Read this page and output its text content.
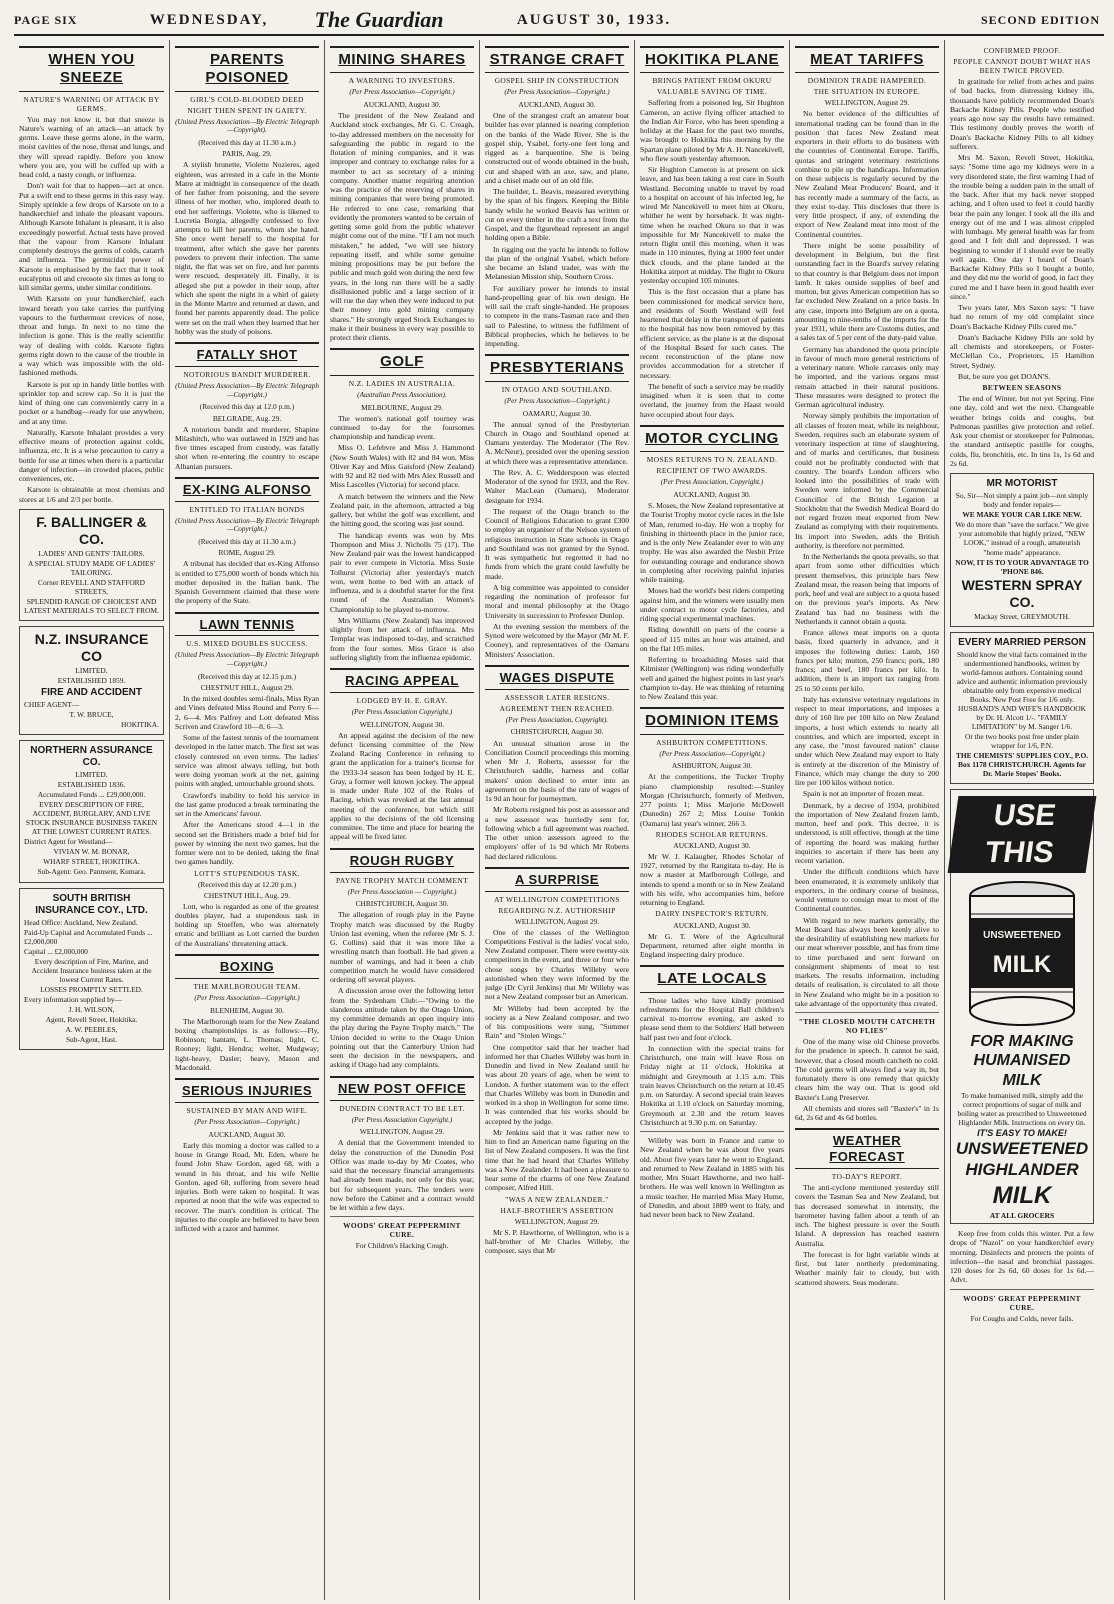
PAGE SIX	WEDNESDAY,	The Guardian	AUGUST 30, 1933.	SECOND EDITION
WHEN YOU SNEEZE
NATURE'S WARNING OF ATTACK BY GERMS.

You may not know it, but that sneeze is Nature's warning of an attack—an attack by germs. Leave these germs alone, in the warm, moist cavities of the nose, throat and lungs, and they will spread rapidly. Before you know where you are, you will be cuffed up with a head cold, a nasty cough, or influenza.

Don't wait for that to happen—act at once. Put a swift end to these germs in this easy way. Simply sprinkle a few drops of Karsote on to a handkerchief and inhale the pleasant vapours. Although Karsote Inhalant is pleasant, it is also exceedingly powerful. Actual tests have proved that the vapour from Karsote Inhalant completely destroys the germs of colds, catarrh and influenza. The germicidal power of Karsote is emphasised by the fact that it took eucalyptus oil and creosote six times as long to kill similar germs, under similar conditions.

With Karsote on your handkerchief, each inward breath you take carries the purifying vapours to the furthermost crevices of nose, throat and lungs. In next to no time the infection is gone. This is the really scientific way of dealing with colds. Karsote fights germs right down to the cause of the trouble in a way which was impossible with the old-fashioned methods.

Karsote is put up in handy little bottles with sprinkler top and screw cap. So it is just the kind of thing one can conveniently carry in a pocket or a handbag—ready for use anywhere, and at any time.

Naturally, Karsote Inhalant provides a very effective means of protection against colds, influenza, etc. It is a wise precaution to carry a bottle for use at times when there is a particular danger of infection—in crowded places, public conveniences, etc.

Karsote is obtainable at most chemists and stores at 1/6 and 2/3 per bottle.

F. BALLINGER & CO.
LADIES' AND GENTS' TAILORS.
A SPECIAL STUDY MADE OF LADIES' TAILORING.
Corner REVELL AND STAFFORD STREETS,
SPLENDID RANGE OF CHOICEST AND LATEST MATERIALS TO SELECT FROM.
N.Z. INSURANCE CO
LIMITED.
ESTABLISHED 1859.
FIRE AND ACCIDENT
CHIEF AGENT—
T. W. BRUCE,
HOKITIKA.
NORTHERN ASSURANCE CO.
LIMITED.
ESTABLISHED 1836.
Accumulated Funds ... £29,000,000.
EVERY DESCRIPTION OF FIRE, ACCIDENT, BURGLARY, AND LIVE STOCK INSURANCE BUSINESS TAKEN AT THE LOWEST CURRENT RATES.
District Agent for Westland—
VIVIAN W. M. BONAR,
WHARF STREET, HOKITIKA.
Sub-Agent: Geo. Pannsent, Kumara.
SOUTH BRITISH INSURANCE COY., LTD.
Head Office: Auckland, New Zealand.
Paid-Up Capital and Accumulated Funds ... £2,000,000
Capital ... £2,000,000
Every description of Fire, Marine, and Accident Insurance business taken at the lowest Current Rates.
LOSSES PROMPTLY SETTLED.
Every information supplied by—
J. H. WILSON,
Agent, Revell Street, Hokitika.
A. W. PEEBLES,
Sub-Agent, Hast.
PARENTS POISONED
GIRL'S COLD-BLOODED DEED
NIGHT THEN SPENT IN GAIETY.
(United Press Association—By Electric Telegraph—Copyright).
(Received this day at 11.30 a.m.)
PARIS, Aug. 29.

A stylish brunette, Violette Nozieres, aged eighteen, was arrested in a cafe in the Monte Matre at midnight in consequence of the death of her father from poisoning, and the severe illness of her mother, who, implored death to end her sufferings. Violette, who is likened to Lucretia Borgia, allegedly confessed to five attempts to kill her parents, whom she hated. She once went herself to the hospital for treatment, after which she gave her parents powders to prevent their infection. The same night, the flat was set on fire, and her parents were rescued, desperately ill. Finally, it is alleged she put a powder in their soup, after which she spent the night in a whirl of gaiety in the Monte Martre and returned at dawn, and found her parents apparently dead. The police were set on the trail when they learned that her hobby was the study of poisons.

FATALLY SHOT
NOTORIOUS BANDIT MURDERER.
(United Press Association—By Electric Telegraph—Copyright.)
(Received this day at 12.0 p.m.)
BELGRADE, Aug. 29.

A notorious bandit and murderer, Shapine Milashitch, who was outlawed in 1929 and has five times escaped from custody, was fatally shot when re-entering the country to escape Albanian pursuers.

EX-KING ALFONSO
ENTITLED TO ITALIAN BONDS
(United Press Association—By Electric Telegraph—Copyright.)
(Received this day at 11.30 a.m.)
ROME, August 29.

A tribunal has decided that ex-King Alfonso is entitled to £75,000 worth of bonds which his mother deposited in the Italian bank. The Spanish Government claimed that these were the property of the State.

LAWN TENNIS
U.S. MIXED DOUBLES SUCCESS.
(United Press Association—By Electric Telegraph—Copyright.)
(Received this day at 12.15 p.m.)
CHESTNUT HILL, August 29.

In the mixed doubles semi-finals, Miss Ryan and Vines defeated Miss Round and Perry 6—2, 6—4. Mrs Palfrey and Lott defeated Miss Scriven and Crawford 10—8, 6—3.

Some of the fastest tennis of the tournament developed in the latter match. The first set was closely contested on even terms. The ladies' service was almost always telling, but both were doing yeoman work at the net, gaining points with angled, untouchable ground shots.

Crawford's inability to hold his service in the last game produced a break terminating the set in the Americans' favour.

After the Americans stood 4—1 in the second set the Britishers made a brief bid for power by winning the next two games, but the former were not to be denied, taking the final two games handily.

LOTT'S STUPENDOUS TASK.
(Received this day at 12.20 p.m.)
CHESTNUT HILL, Aug. 29.

Lott, who is regarded as one of the greatest doubles player, had a stupendous task in holding up Stoeffen, who was alternately erratic and brilliant as Lott carried the burden of the Australians' threatening attack.

BOXING
THE MARLBOROUGH TEAM.
(Per Press Association—Copyright.)
BLENHEIM, August 30.

The Marlborough team for the New Zealand boxing championships is as follows:—Fly, Robinson; bantam, L. Thomas; light, C. Rooney; light, Hendra; welter, Mudgway; light-heavy, Dasler; heavy, Mason and Macdonald.

SERIOUS INJURIES
SUSTAINED BY MAN AND WIFE.
(Per Press Association—Copyright.)
AUCKLAND, August 30.

Early this morning a doctor was called to a house in Grange Road, Mt. Eden, where he found John Shaw Gordon, aged 68, with a wound in his throat, and his wife Nellie Gordon, aged 68, suffering from severe head injuries. Both were taken to hospital. It was reported at noon that the wife was expected to recover. The man's condition is critical. The injuries to the couple are believed to have been inflicted with a razor and hammer.

MINING SHARES
A WARNING TO INVESTORS.
(Per Press Association—Copyright.)
AUCKLAND, August 30.

The president of the New Zealand and Auckland stock exchanges, Mr G. C. Creagh, to-day addressed members on the necessity for safeguarding the public in regard to the flotation of mining companies, and it was improper and contrary to exchange rules for a member to act as secretary of a mining company. Another matter requiring attention was the practice of the reserving of shares in mining companies that were being promoted. He referred to one case, remarking that evidently the promoters wanted to be certain of getting some gold from the public whatever might come out of the mine. "If I am not much mistaken," he added, "we will see history repeating itself, and while some genuine mining propositions may be put before the public and much gold won during the next few years, in the long run there will be a sadly disillusioned public and a large section of it will rue the day when they were induced to put their money into gold mining company shares." He strongly urged Stock Exchanges to make it their business in every way possible to protect their clients.

GOLF
N.Z. LADIES IN AUSTRALIA.
(Australian Press Association).
MELBOURNE, August 29.

The women's national golf tourney was continued to-day for the foursomes championship and handicap event.

Miss O. Lefebvre and Miss J. Hammond (New South Wales) with 82 and 84 won. Miss Oliver Kay and Miss Gaisford (New Zealand) with 92 and 82 tied with Mrs Alex Russell and Miss Lascelles (Victoria) for second place.

A match between the winners and the New Zealand pair, in the afternoon, attracted a big gallery, but whilst the golf was excellent, and the hitting good, the scoring was just sound.

The handicap events was won by Mrs Thompson and Miss J. Nicholls 75 (17). The New Zealand pair was the lowest handicapped pair to ever compete in Victoria. Miss Susie Tolhurst (Victoria) after yesterday's match won, went home to bed with an attack of influenza, and is a doubtful starter for the first round of the Australian Women's Championship to be played to-morrow.

Mrs Williams (New Zealand) has improved slightly from her attack of influenza. Mrs Templar was indisposed to-day, and scratched from the four somes. Miss Grace is also suffering slightly from the influenza epidemic.

RACING APPEAL
LODGED BY H. E. GRAY.
(Per Press Association Copyright.)
WELLINGTON, August 30.

An appeal against the decision of the new defunct licensing committee of the New Zealand Racing Conference in refusing to grant the application for a trainer's license for the 1933-34 season has been lodged by H. E. Gray, a former well known jockey. The appeal is made under Rule 102 of the Rules of Racing, which was revoked at the last annual meeting of the conference, but which still applies to the decisions of the old licensing committee. The time and place for hearing the appeal will be fixed later.

ROUGH RUGBY
PAYNE TROPHY MATCH COMMENT
(Per Press Association — Copyright.)
CHRISTCHURCH, August 30.

The allegation of rough play in the Payne Trophy match was discussed by the Rugby Union last evening, when the referee (Mr S. J. G. Collins) said that it was more like a wrestling match than football. He had given a number of warnings, and had it been a club competition match he would have considered ordering off several players.

A discussion arose over the following letter from the Sydenham Club:—"Owing to the slanderous attitude taken by the Otago Union, my committee demands an open inquiry into the play during the Payne Trophy match." The Union decided to write to the Otago Union pointing out that the Canterbury Union had seen the decision in the newspapers, and asking if Otago had any complaints.

NEW POST OFFICE
DUNEDIN CONTRACT TO BE LET.
(Per Press Association Copyright.)
WELLINGTON, August 29.

A denial that the Government intended to delay the construction of the Dunedin Post Office was made to-day by Mr Coates, who said that the necessary financial arrangements had already been made, not only for this year, but for subsequent years. The tenders were now before the Cabinet and a contract would be let within a few days.

WOODS' GREAT PEPPERMINT CURE.
For Children's Hacking Cough.
STRANGE CRAFT
GOSPEL SHIP IN CONSTRUCTION
(Per Press Association—Copyright.)
AUCKLAND, August 30.

One of the strangest craft an amateur boat builder has ever planned is nearing completion on the banks of the Wade River. She is the gospel ship, Ysabel, forty-one feet long and rigged as a barquentine. She is being constructed out of woods obtained in the bush, cut and shaped with an axe, saw, and plane, and a chisel made out of an old file.

The builder, L. Beavis, measured everything by the span of his fingers. Keeping the Bible handy while he worked Beavis has written or cut on every timber in the craft a text from the Gospel, and the figurehead represent an angel holding open a Bible.

In rigging out the yacht he intends to follow the plan of the original Ysabel, which before she became an Island trader, was with the Melanesian Mission ship, Southern Cross.

For auxiliary power he intends to instal hand-propelling gear of his own design. He will sail the craft single-handed. He proposes to compete in the trans-Tasman race and then sail to Palestine, to witness the fulfilment of Biblical prophecies, which he believes to be impending.

PRESBYTERIANS
IN OTAGO AND SOUTHLAND.
(Per Press Association—Copyright.)
OAMARU, August 30.

The annual synod of the Presbyterian Church in Otago and Southland opened at Oamaru yesterday. The Moderator (The Rev. A. McNeur), presided over the opening session at which there was a representative attendance.

The Rev. A. C. Wedderspoon was elected Moderator of the synod for 1933, and the Rev. Walter MacLean (Oamaru), Moderator designate for 1934.

The request of the Otago branch to the Council of Religious Education to grant £300 to employ an organiser of the Nelson system of religious instruction in State schools in Otago and Southland was not granted by the Synod. It was sympathetic but regretted it had no funds from which the grant could lawfully be made.

A big committee was appointed to consider regarding the nomination of professor for moral and mental philosophy at the Otago University in succession to Professor Dunlop.

At the evening session the members of the Synod were welcomed by the Mayor (Mr M. F. Cooney), and representatives of the Oamaru Ministers' Association.

WAGES DISPUTE
ASSESSOR LATER RESIGNS.
AGREEMENT THEN REACHED.
(Per Press Association, Copyright).
CHRISTCHURCH, August 30.

An unusual situation arose in the Conciliation Council proceedings this morning when Mr J. Roberts, assessor for the Christchurch saddle, harness and collar makers' union declined to enter into an agreement on the basis of the rate of wages of 1s 9d an hour for journeymen.

Mr Roberts resigned his post as assessor and a new assessor was hurriedly sent for, following which a full agreement was reached. The other union assessors agreed to the employers' offer of 1s 9d which Mr Roberts had declared ridiculous.

A SURPRISE
AT WELLINGTON COMPETITIONS
REGARDING N.Z. AUTHORSHIP
WELLINGTON, August 29.

One of the classes of the Wellington Competitions Festival is the ladies' vocal solo, New Zealand composer. There were twenty-six competitors in the event, and three or four who chose songs by Charles Willeby were astonished when they were informed by the judge (Dr Cyril Jenkins) that Mr Willeby was not a New Zealand composer but an American.

Mr Willeby had been accepted by the society as a New Zealand composer, and two of his compositions were sung, "Summer Rain" and "Stolen Wings."

One competitor said that her teacher had informed her that Charles Willeby was born in Dunedin and lived in New Zealand until he was about 20 years of age, when he went to London. A further statement was to the effect that Charles Willeby was born in Dunedin and worked in a shop in Wellington for some time. It was contended that his works should be accepted by the judge.

Mr Jenkins said that it was rather new to him to find an American name figuring on the list of New Zealand composers. It was the first time that he had heard that Charles Willeby was a New Zealander. It had been a pleasure to hear some of the charms of one New Zealand composer, Alfred Hill.

"WAS A NEW ZEALANDER."
HALF-BROTHER'S ASSERTION
WELLINGTON, August 29.

Mr S. P. Hawthorne, of Wellington, who is a half-brother of Mr Charles Willeby, the composer, says that Mr

HOKITIKA PLANE
BRINGS PATIENT FROM OKURU
VALUABLE SAVING OF TIME.

Suffering from a poisoned leg, Sir Hughton Cameron, an active flying officer attached to the Indian Air Force, who has been spending a holiday at the Haast for the past two months, was brought to Hokitika this morning by the Spartan plane piloted by Mr A. H. Nancekivell, who flew south yesterday afternoon.

Sir Hughton Cameron is at present on sick leave, and has been taking a rest cure in South Westland. Becoming unable to travel by road to a hospital on account of his infected leg, he wired Mr Nancekivell to meet him at Okuru, whither he went by horseback. It was night-time when he reached Okuru so that it was impossible for Mr Nancekivell to make the return flight until this morning, when it was made in 110 minutes, flying at 1000 feet under thick clouds, and the plane landed at the Hokitika airport at midday. The flight to Okuru yesterday occupied 105 minutes.

This is the first occasion that a plane has been commissioned for medical service here, and residents of South Westland will feel heartened that delay in the transport of patients to the hospital has now been removed by this efficient service, as the plane is at the disposal of the Hospital Board for such cases. The recent reconstruction of the plane now provides accommodation for a stretcher if necessary.

The benefit of such a service may be readily imagined when it is seen that to come overland, the journey from the Haast would have occupied about four days.

MOTOR CYCLING
MOSES RETURNS TO N. ZEALAND.
RECIPIENT OF TWO AWARDS.
(Per Press Association, Copyright.)
AUCKLAND, August 30.

S. Moses, the New Zealand representative at the Tourist Trophy motor cycle races in the Isle of Man, returned to-day. He won a trophy for finishing in thirteenth place in the junior race, and is the only New Zealander ever to win any trophy. He was also awarded the Nesbit Prize for outstanding courage and endurance shown in completing after receiving painful injuries while training.

Moses had the world's best riders competing against him, and the winners were usually men under contract to motor cycle factories, and riding special experimental machines.

Riding downhill on parts of the course a speed of 115 miles an hour was attained, and on the flat 105 miles.

Referring to broadsiding Moses said that Kilmister (Wellington) was riding wonderfully well and gained the highest points in last year's champion to-day. He was thinking of returning to New Zealand this year.

DOMINION ITEMS
ASHBURTON COMPETITIONS.
(Per Press Association—Copyright.)
ASHBURTON, August 30.

At the competitions, the Tucker Trophy piano championship resulted:—Stanley Morgan (Christchurch, formerly of Methven, 277 points 1; Miss Marjorie McDowell (Dunedin) 267 2; Miss Louise Tonkin (Oamaru) last year's winner, 266 3.

RHODES SCHOLAR RETURNS.
AUCKLAND, August 30.

Mr W. J. Kalaugher, Rhodes Scholar of 1927, returned by the Rangitata to-day. He is now a master at Marlborough College, and intends to spend a month or so in New Zealand with his wife, who accompanies him, before returning to England.

DAIRY INSPECTOR'S RETURN.
AUCKLAND, August 30.

Mr G. T. Were of the Agricultural Department, returned after eight months in England inspecting dairy produce.

LATE LOCALS

Those ladies who have kindly promised refreshments for the Hospital Ball children's carnival to-morrow evening, are asked to please send them to the Soldiers' Hall between half past two and four o'clock.

In connection with the special trains for Christchurch, one train will leave Ross on Friday night at 11 o'clock, Hokitika at midnight and Greymouth at 1.15 a.m. This train leaves Christchurch on the return at 10.45 p.m. on Saturday. A second special train leaves Hokitika at 1.10 o'clock on Saturday morning, Greymouth at 2.30 and the return leaves Christchurch at 9.30 p.m. on Saturday.

Willeby was born in France and came to New Zealand when he was about five years old. About five years later he went to England, and returned to New Zealand in 1885 with his mother, Mrs Stuart Hawthorne, and two half-brothers. He was well known in Wellington as a music teacher. He married Miss Mary Hume, of Dunedin, and about 1889 went to Italy, and had never been back to New Zealand.

MEAT TARIFFS
DOMINION TRADE HAMPERED.
THE SITUATION IN EUROPE.
WELLINGTON, August 29.

No better evidence of the difficulties of international trading can be found than in the position that faces New Zealand meat exporters in their efforts to do business with the countries of Continental Europe. Tariffs, quotas and stringent veterinary restrictions combine to pile up the handicaps. Information on these subjects is regularly secured by the New Zealand Meat Producers' Board, and it has recently made a summary of the facts, as they exist to-day. This discloses that there is very little prospect, if any, of extending the export of New Zealand meat into most of the Continental countries.

There might be some possibility of development in Belgium, but the first outstanding fact in the Board's survey relating to that country is that Belgium does not import lamb. It takes outside supplies of beef and mutton, but gives American competition has so far excluded New Zealand on a price basis. In any case, imports into Belgium are on a quota, amounting to nine-tenths of the imports for the year 1931, while there are Customs duties, and a sales tax of 5 per cent of the duty-paid value.

Germany has abandoned the quota principle in favour of much more general restrictions of a veterinary nature. Whole carcases only may be imported, and the various organs must remain attached in their natural positions. These measures were designed to protect the German agricultural industry.

Norway simply prohibits the importation of all classes of frozen meat, while its neighbour, Sweden, requires such an elaborate system of veterinary inspection at time of slaughtering, and of marks and certificates, that business could not be profitably conducted with that country. The board's London officers who looked into the possibilities of trade with Sweden were informed by the Commercial Councillor of the British Legation at Stockholm that the Swedish Medical Board do not regard frozen meat exported from New Zealand as complying with their requirements. Its import into Sweden, adds the British authority, is therefore not permitted.

In the Netherlands the quota prevails, so that apart from some other difficulties which present themselves, this principle bars New Zealand meat, the reason being that imports of pork, beef and veal are subject to a quota based on the previous year's imports. As New Zealand has had no business with the Netherlands it cannot obtain a quota.

France allows meat imports on a quota basis, fixed quarterly in advance, and it imposes the following duties: Lamb, 160 francs per kilo; mutton, 250 francs; pork, 180 francs; and beef, 180 francs per kilo. In addition, there is an import tax ranging from 25 to 50 cents per kilo.

Italy has extensive veterinary regulations in respect to meat importations, and imposes a duty of 160 lire per 100 kilo on New Zealand imports, a host which extends to nearly all countries, and which are imported, except in any case, the "most favoured nation" clause under which New Zealand may export to Italy is entirely at the discretion of the Ministry of Finance, which may change the duty to 200 lire per 100 kilos without notice.

Spain is not an importer of frozen meat.

Denmark, by a decree of 1934, prohibited the importation of New Zealand frozen lamb, mutton, beef and pork. This decree, it is understood, is still effective, though at the time of reporting the board was making further inquiries to ascertain if there has been any recent variation.

Under the difficult conditions which have been enumerated, it is extremely unlikely that exporters, in the ordinary course of business, would venture to consign meat to most of the Continental countries.

With regard to new markets generally, the Meat Board has always been keenly alive to the desirability of establishing new markets for our meat wherever possible, and has from time to time purchased and sent forward on consignment shipments of meat to test markets. The results information, including details of realisation, is circulated to all those in New Zealand who might be in a position to take advantage of the opportunity thus created.

"THE CLOSED MOUTH CATCHETH NO FLIES"

One of the many wise old Chinese proverbs for the prudence in speech. It cannot be said, however, that a closed mouth catcheth no cold. The cold germs will always find a way in, but fortunately there is one remedy that quickly clears him the way out. That is good old Baxter's Lung Preserver.

All chemists and stores sell "Baxter's" in 1s 6d, 2s 6d and 4s 6d bottles.

WEATHER FORECAST
TO-DAY'S REPORT.

The anti-cyclone mentioned yesterday still covers the Tasman Sea and New Zealand, but has decreased somewhat in intensity, the barometer having fallen about a tenth of an inch. The highest pressure is over the South Island. A depression has reached eastern Australia.

The forecast is for light variable winds at first, but later northerly predominating. Weather mainly fair to cloudy, but with scattered showers. Seas moderate.

CONFIRMED PROOF.
PEOPLE CANNOT DOUBT WHAT HAS BEEN TWICE PROVED.

In gratitude for relief from aches and pains of bad backs, from distressing kidney ills, thousands have publicly recommended Doan's Backache Kidney Pills. People who testified years ago now say the results have remained. This testimony doubly proves the worth of Doan's Backache Kidney Pills to all kidney sufferers.

Mrs M. Saxon, Revell Street, Hokitika, says: "Some time ago my kidneys were in a very disordered state, the first warning I had of the trouble being a sudden pain in the small of the back. After that my back never stopped aching, and I often used to feel it could hardly bear the pain any longer. I took all the ills and energy out of me and I was almost crippled with lumbago. My general health was far from good and I felt dull and depressed. I was beginning to wonder if I should ever be really well again. One day I heard of Doan's Backache Kidney Pills so I bought a bottle, and they did me the world of good, in fact they cured me and I have been in good health ever since."

Two years later, Mrs Saxon says: "I have had no return of my old complaint since Doan's Backache Kidney Pills cured me."

Doan's Backache Kidney Pills are sold by all chemists and storekeepers, or Foster-McClellan Co., Proprietors, 15 Hamilton Street, Sydney.

But, be sure you get DOAN'S.

BETWEEN SEASONS

The end of Winter, but not yet Spring. Fine one day, cold and wet the next. Changeable weather brings colds and coughs, but Pulmonas pastilles give protection and relief. Ask your chemist or storekeeper for Pulmonas, the standard antiseptic pastille for coughs, colds, flu, bronchitis, etc. In tins 1s, 1s 6d and 2s 6d.

MR MOTORIST
So, Sir—Not simply a paint job—not simply body and fender repairs—
WE MAKE YOUR CAR LIKE NEW.
We do more than "save the surface." We give your automobile that highly prized, "NEW LOOK," instead of a rough, amateurish "home made" appearance.
NOW, IT IS TO YOUR ADVANTAGE TO 'PHONE 846.
WESTERN SPRAY CO.
Mackay Street, GREYMOUTH.
EVERY MARRIED PERSON
Should know the vital facts contained in the undermentioned handbooks, written by world-famous authors. Containing sound advice and authentic information previously obtainable only from expensive medical Books. New Post Free for 1/6 only. HUSBAND'S AND WIFE'S HANDBOOK by Dr. H. Alcott 1/-. "FAMILY LIMITATION" by M. Sanger 1/6.
Or the two books post free under plain wrapper for 1/6, P.N.
THE CHEMISTS' SUPPLIES COY., P.O. Box 1178 CHRISTCHURCH. Agents for Dr. Marie Stopes' Books.
USE THIS
UNSWEETENED
MILK
FOR MAKING HUMANISED MILK
To make humanised milk, simply add the correct proportions of sugar of milk and boiling water as prescribed to Unsweetened Highlander Milk. Instructions on every tin.
IT'S EASY TO MAKE!
UNSWEETENED
HIGHLANDER
MILK
AT ALL GROCERS

Keep free from colds this winter. Put a few drops of "Nazol" on your handkerchief every morning. Disinfects and protects the points of infection—the nasal and bronchial passages. 120 doses for 2s 6d, 60 doses for 1s 6d.—Advt.

WOODS' GREAT PEPPERMINT CURE.
For Coughs and Colds, never fails.
